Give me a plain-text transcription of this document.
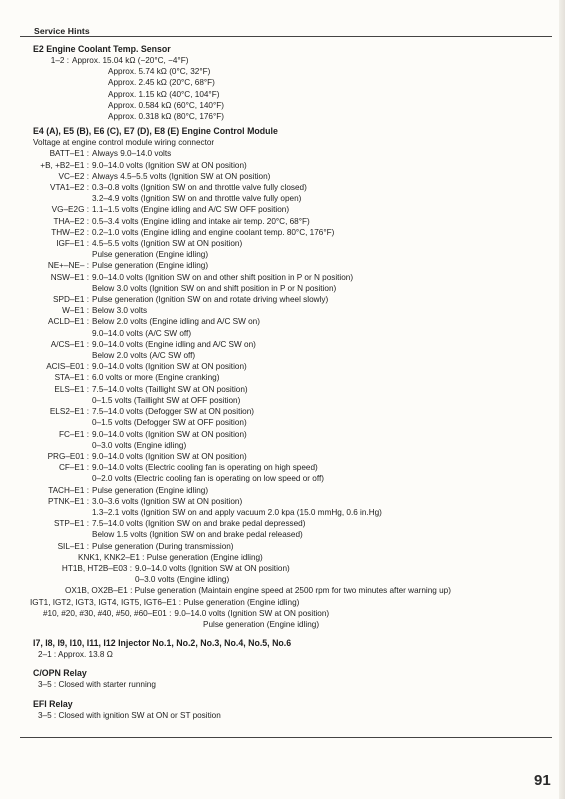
Service Hints
E2 Engine Coolant Temp. Sensor
1–2 : Approx. 15.04 kΩ (−20°C, −4°F)
Approx. 5.74 kΩ (0°C, 32°F)
Approx. 2.45 kΩ (20°C, 68°F)
Approx. 1.15 kΩ (40°C, 104°F)
Approx. 0.584 kΩ (60°C, 140°F)
Approx. 0.318 kΩ (80°C, 176°F)
E4 (A), E5 (B), E6 (C), E7 (D), E8 (E) Engine Control Module
Voltage at engine control module wiring connector
BATT–E1 : Always 9.0–14.0 volts
+B, +B2–E1 : 9.0–14.0 volts (Ignition SW at ON position)
VC–E2 : Always 4.5–5.5 volts (Ignition SW at ON position)
VTA1–E2 : 0.3–0.8 volts (Ignition SW on and throttle valve fully closed)
3.2–4.9 volts (Ignition SW on and throttle valve fully open)
VG–E2G : 1.1–1.5 volts (Engine idling and A/C SW OFF position)
THA–E2 : 0.5–3.4 volts (Engine idling and intake air temp. 20°C, 68°F)
THW–E2 : 0.2–1.0 volts (Engine idling and engine coolant temp. 80°C, 176°F)
IGF–E1 : 4.5–5.5 volts (Ignition SW at ON position)
Pulse generation (Engine idling)
NE+–NE– : Pulse generation (Engine idling)
NSW–E1 : 9.0–14.0 volts (Ignition SW on and other shift position in P or N position)
Below 3.0 volts (Ignition SW on and shift position in P or N position)
SPD–E1 : Pulse generation (Ignition SW on and rotate driving wheel slowly)
W–E1 : Below 3.0 volts
ACLD–E1 : Below 2.0 volts (Engine idling and A/C SW on)
9.0–14.0 volts (A/C SW off)
A/CS–E1 : 9.0–14.0 volts (Engine idling and A/C SW on)
Below 2.0 volts (A/C SW off)
ACIS–E01 : 9.0–14.0 volts (Ignition SW at ON position)
STA–E1 : 6.0 volts or more (Engine cranking)
ELS–E1 : 7.5–14.0 volts (Taillight SW at ON position)
0–1.5 volts (Taillight SW at OFF position)
ELS2–E1 : 7.5–14.0 volts (Defogger SW at ON position)
0–1.5 volts (Defogger SW at OFF position)
FC–E1 : 9.0–14.0 volts (Ignition SW at ON position)
0–3.0 volts (Engine idling)
PRG–E01 : 9.0–14.0 volts (Ignition SW at ON position)
CF–E1 : 9.0–14.0 volts (Electric cooling fan is operating on high speed)
0–2.0 volts (Electric cooling fan is operating on low speed or off)
TACH–E1 : Pulse generation (Engine idling)
PTNK–E1 : 3.0–3.6 volts (Ignition SW at ON position)
1.3–2.1 volts (Ignition SW on and apply vacuum 2.0 kpa (15.0 mmHg, 0.6 in.Hg)
STP–E1 : 7.5–14.0 volts (Ignition SW on and brake pedal depressed)
Below 1.5 volts (Ignition SW on and brake pedal released)
SIL–E1 : Pulse generation (During transmission)
KNK1, KNK2–E1 : Pulse generation (Engine idling)
HT1B, HT2B–E03 : 9.0–14.0 volts (Ignition SW at ON position)
0–3.0 volts (Engine idling)
OX1B, OX2B–E1 : Pulse generation (Maintain engine speed at 2500 rpm for two minutes after warning up)
IGT1, IGT2, IGT3, IGT4, IGT5, IGT6–E1 : Pulse generation (Engine idling)
#10, #20, #30, #40, #50, #60–E01 : 9.0–14.0 volts (Ignition SW at ON position)
Pulse generation (Engine idling)
I7, I8, I9, I10, I11, I12 Injector No.1, No.2, No.3, No.4, No.5, No.6
2–1 : Approx. 13.8 Ω
C/OPN Relay
3–5 : Closed with starter running
EFI Relay
3–5 : Closed with ignition SW at ON or ST position
91
